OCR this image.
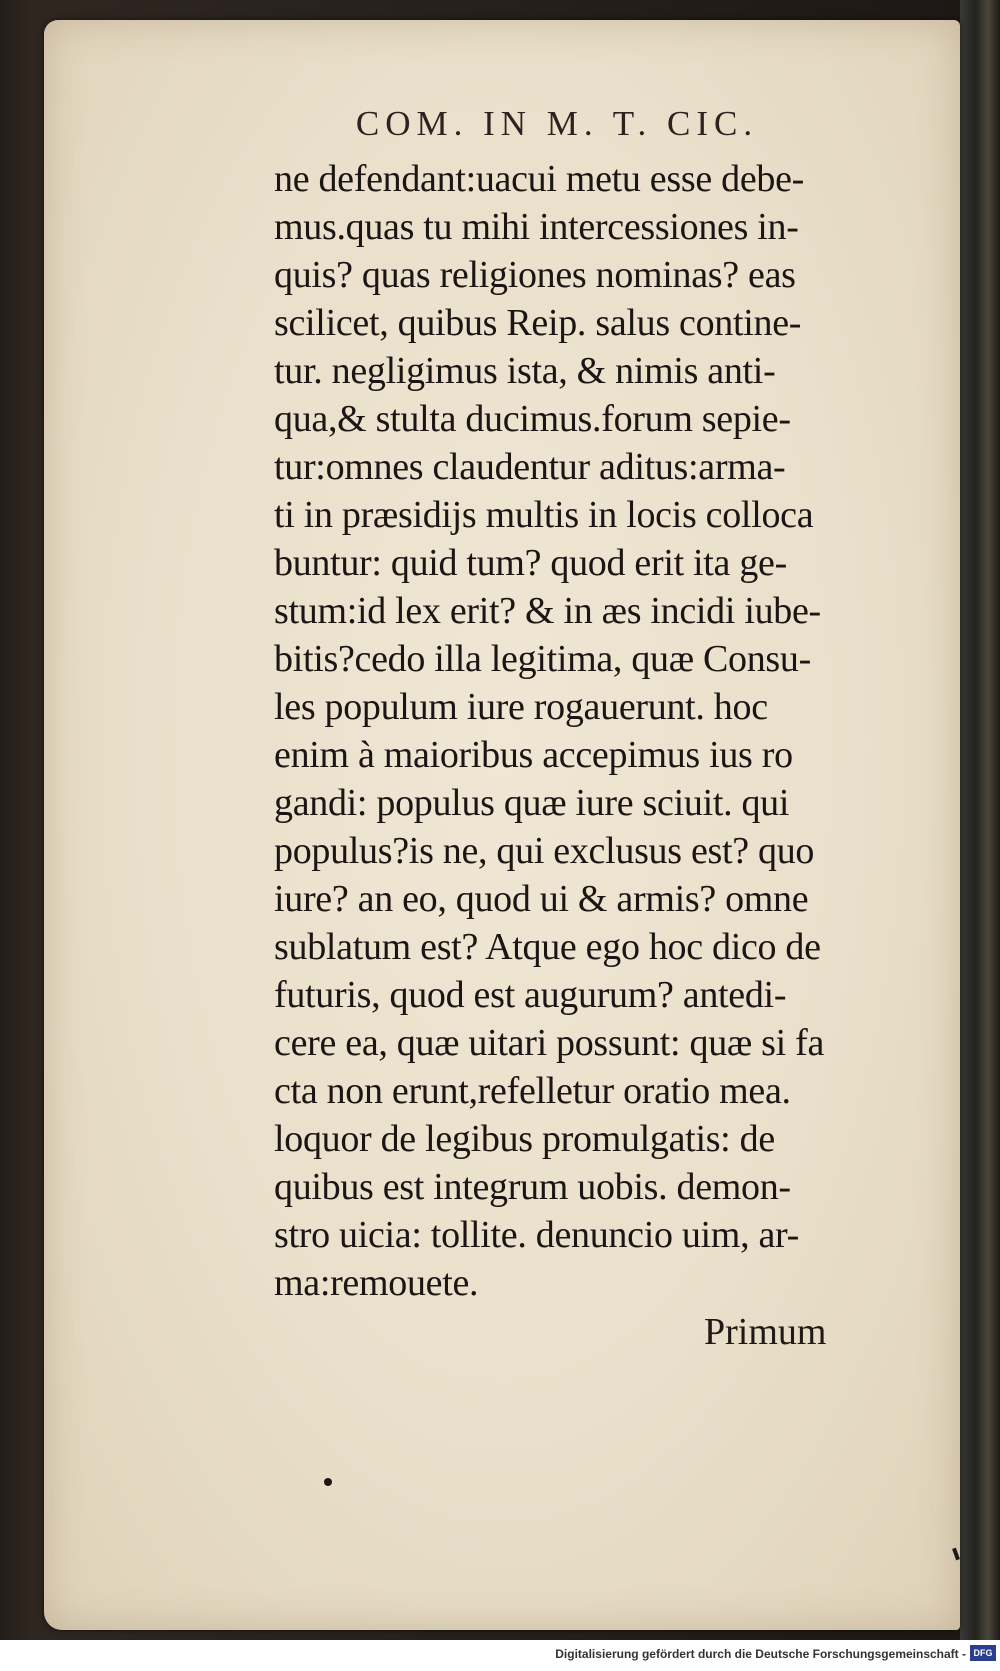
COM. IN M. T. CIC.
ne defendant:uacui metu esse debe-
mus.quas tu mihi intercessiones in-
quis? quas religiones nominas? eas
scilicet, quibus Reip. salus contine-
tur. negligimus ista, & nimis anti-
qua,& stulta ducimus.forum sepie-
tur:omnes claudentur aditus:arma-
ti in præsidijs multis in locis colloca
buntur: quid tum? quod erit ita ge-
stum:id lex erit? & in æs incidi iube-
bitis?cedo illa legitima, quæ Consu-
les populum iure rogauerunt. hoc
enim à maioribus accepimus ius ro
gandi: populus quæ iure sciuit. qui
populus?is ne, qui exclusus est? quo
iure? an eo, quod ui & armis? omne
sublatum est? Atque ego hoc dico de
futuris, quod est augurum? antedi-
cere ea, quæ uitari possunt: quæ si fa
cta non erunt,refelletur oratio mea.
loquor de legibus promulgatis: de
quibus est integrum uobis. demon-
stro uicia: tollite. denuncio uim, ar-
ma:remouete.
Primum
Digitalisierung gefördert durch die Deutsche Forschungsgemeinschaft - DFG
